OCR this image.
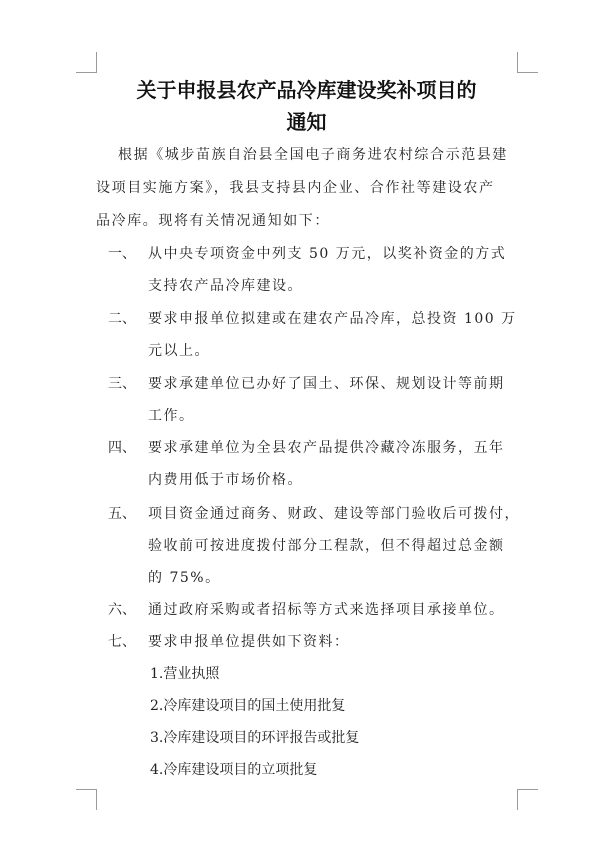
关于申报县农产品冷库建设奖补项目的
通知
根据《城步苗族自治县全国电子商务进农村综合示范县建
设项目实施方案》，我县支持县内企业、合作社等建设农产
品冷库。现将有关情况通知如下：
一、 从中央专项资金中列支 50 万元，以奖补资金的方式
支持农产品冷库建设。
二、 要求申报单位拟建或在建农产品冷库，总投资 100 万
元以上。
三、 要求承建单位已办好了国土、环保、规划设计等前期
工作。
四、 要求承建单位为全县农产品提供冷藏冷冻服务，五年
内费用低于市场价格。
五、 项目资金通过商务、财政、建设等部门验收后可拨付，
验收前可按进度拨付部分工程款，但不得超过总金额
的 75%。
六、 通过政府采购或者招标等方式来选择项目承接单位。
七、 要求申报单位提供如下资料：
1.营业执照
2.冷库建设项目的国土使用批复
3.冷库建设项目的环评报告或批复
4.冷库建设项目的立项批复
